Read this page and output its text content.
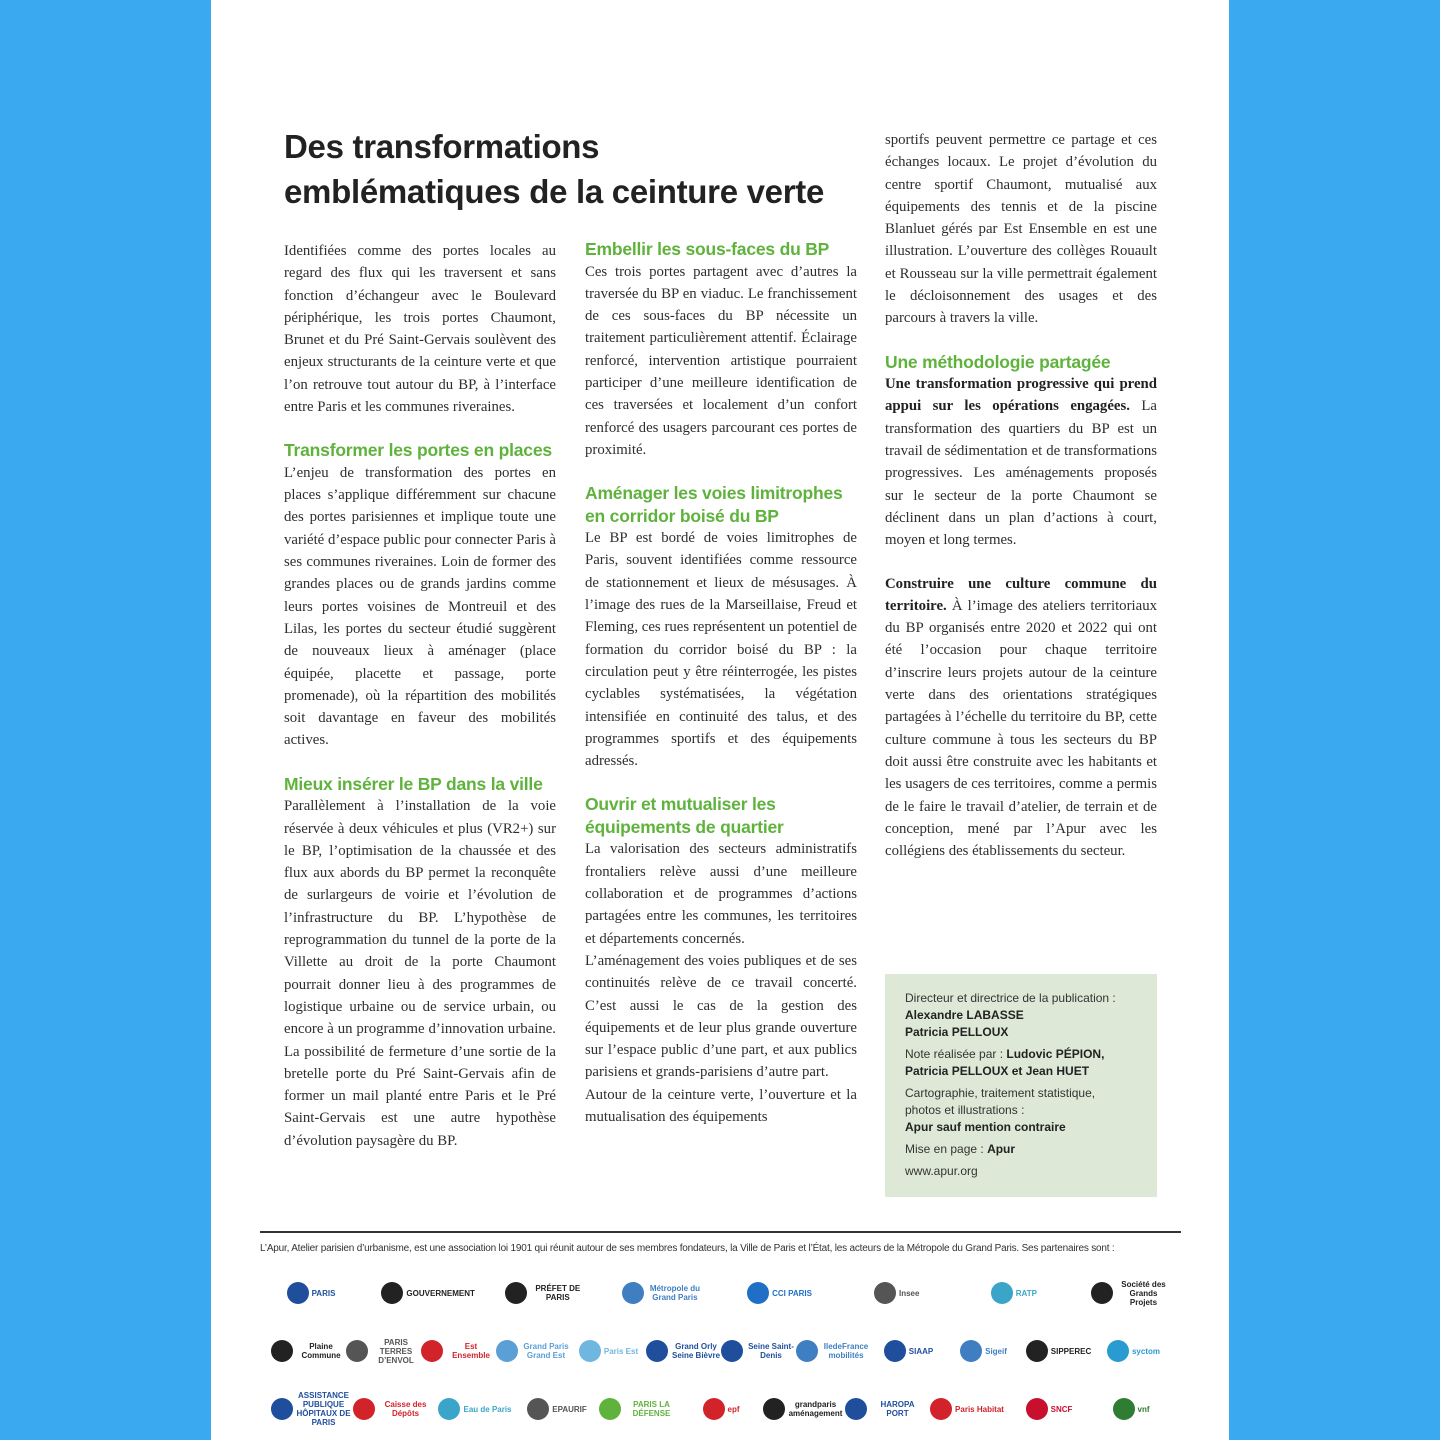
Des transformations emblématiques de la ceinture verte

Identifiées comme des portes locales au regard des flux qui les traversent et sans fonction d’échangeur avec le Boulevard périphérique, les trois portes Chaumont, Brunet et du Pré Saint-Gervais soulèvent des enjeux structurants de la ceinture verte et que l’on retrouve tout autour du BP, à l’interface entre Paris et les communes riveraines.

Transformer les portes en places

L’enjeu de transformation des portes en places s’applique différemment sur chacune des portes parisiennes et implique toute une variété d’espace public pour connecter Paris à ses communes riveraines. Loin de former des grandes places ou de grands jardins comme leurs portes voisines de Montreuil et des Lilas, les portes du secteur étudié suggèrent de nouveaux lieux à aménager (place équipée, placette et passage, porte promenade), où la répartition des mobilités soit davantage en faveur des mobilités actives.

Mieux insérer le BP dans la ville

Parallèlement à l’installation de la voie réservée à deux véhicules et plus (VR2+) sur le BP, l’optimisation de la chaussée et des flux aux abords du BP permet la reconquête de surlargeurs de voirie et l’évolution de l’infrastructure du BP. L’hypothèse de reprogrammation du tunnel de la porte de la Villette au droit de la porte Chaumont pourrait donner lieu à des programmes de logistique urbaine ou de service urbain, ou encore à un programme d’innovation urbaine. La possibilité de fermeture d’une sortie de la bretelle porte du Pré Saint-Gervais afin de former un mail planté entre Paris et le Pré Saint-Gervais est une autre hypothèse d’évolution paysagère du BP.

Embellir les sous-faces du BP

Ces trois portes partagent avec d’autres la traversée du BP en viaduc. Le franchissement de ces sous-faces du BP nécessite un traitement particulièrement attentif. Éclairage renforcé, intervention artistique pourraient participer d’une meilleure identification de ces traversées et localement d’un confort renforcé des usagers parcourant ces portes de proximité.

Aménager les voies limitrophes en corridor boisé du BP

Le BP est bordé de voies limitrophes de Paris, souvent identifiées comme ressource de stationnement et lieux de mésusages. À l’image des rues de la Marseillaise, Freud et Fleming, ces rues représentent un potentiel de formation du corridor boisé du BP : la circulation peut y être réinterrogée, les pistes cyclables systématisées, la végétation intensifiée en continuité des talus, et des programmes sportifs et des équipements adressés.

Ouvrir et mutualiser les équipements de quartier

La valorisation des secteurs administratifs frontaliers relève aussi d’une meilleure collaboration et de programmes d’actions partagées entre les communes, les territoires et départements concernés.

L’aménagement des voies publiques et de ses continuités relève de ce travail concerté. C’est aussi le cas de la gestion des équipements et de leur plus grande ouverture sur l’espace public d’une part, et aux publics parisiens et grands-parisiens d’autre part.

Autour de la ceinture verte, l’ouverture et la mutualisation des équipements

sportifs peuvent permettre ce partage et ces échanges locaux. Le projet d’évolution du centre sportif Chaumont, mutualisé aux équipements des tennis et de la piscine Blanluet gérés par Est Ensemble en est une illustration. L’ouverture des collèges Rouault et Rousseau sur la ville permettrait également le décloisonnement des usages et des parcours à travers la ville.

Une méthodologie partagée

Une transformation progressive qui prend appui sur les opérations engagées. La transformation des quartiers du BP est un travail de sédimentation et de transformations progressives. Les aménagements proposés sur le secteur de la porte Chaumont se déclinent dans un plan d’actions à court, moyen et long termes.

Construire une culture commune du territoire. À l’image des ateliers territoriaux du BP organisés entre 2020 et 2022 qui ont été l’occasion pour chaque territoire d’inscrire leurs projets autour de la ceinture verte dans des orientations stratégiques partagées à l’échelle du territoire du BP, cette culture commune à tous les secteurs du BP doit aussi être construite avec les habitants et les usagers de ces territoires, comme a permis de le faire le travail d’atelier, de terrain et de conception, mené par l’Apur avec les collégiens des établissements du secteur.

Directeur et directrice de la publication :
Alexandre LABASSE
Patricia PELLOUX
Note réalisée par : Ludovic PÉPION,
Patricia PELLOUX et Jean HUET
Cartographie, traitement statistique,
photos et illustrations :
Apur sauf mention contraire
Mise en page : Apur
www.apur.org
L’Apur, Atelier parisien d’urbanisme, est une association loi 1901 qui réunit autour de ses membres fondateurs, la Ville de Paris et l’État, les acteurs de la Métropole du Grand Paris. Ses partenaires sont :
PARIS	GOUVERNEMENT	PRÉFET DE PARIS
Métropole du Grand Paris	CCI PARIS	Insee	RATP
Société des Grands Projets
Plaine Commune
PARIS TERRES D’ENVOL
Est Ensemble
Grand Paris Grand Est	Paris Est	Grand Orly Seine Bièvre
Seine Saint-Denis
IledeFrance mobilités	SIAAP	Sigeif	SIPPEREC	syctom
ASSISTANCE PUBLIQUE HÔPITAUX DE PARIS
Caisse des Dépôts	Eau de Paris	EPAURIF	PARIS LA DÉFENSE	epf	grandparis aménagement
HAROPA PORT	Paris Habitat	SNCF	vnf
